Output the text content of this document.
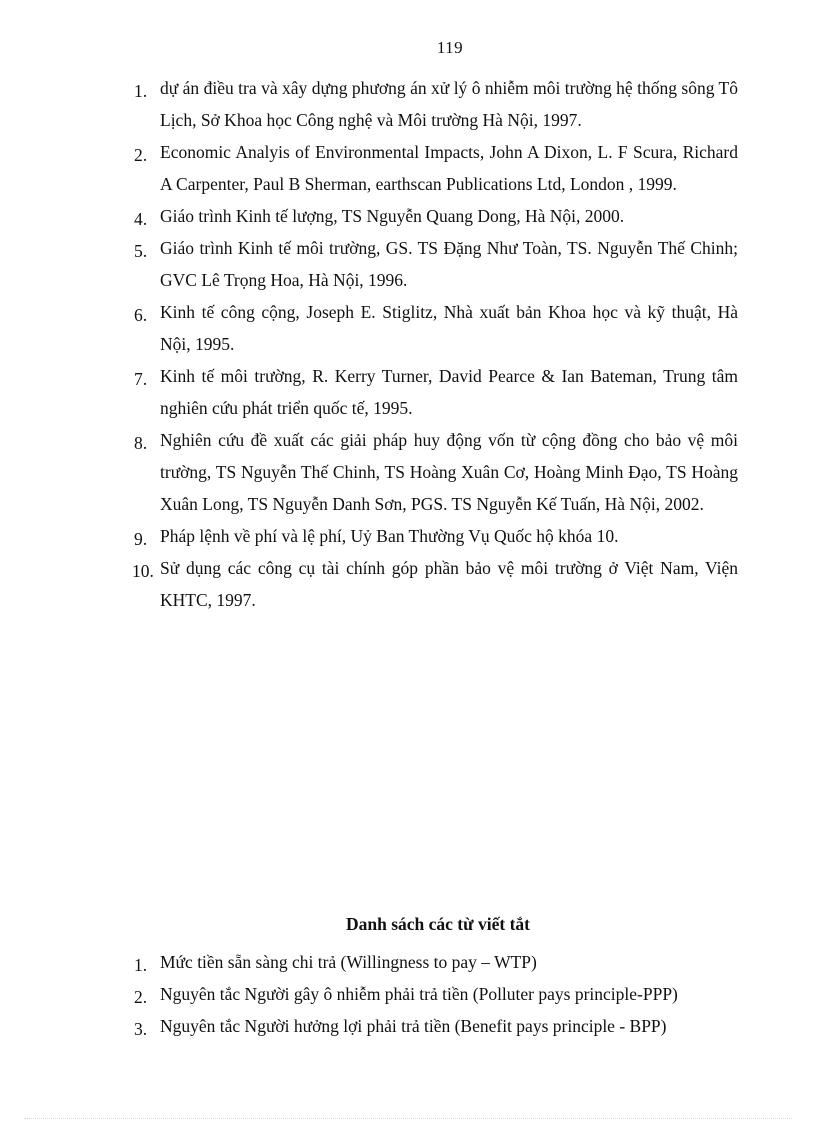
119
1. dự án điều tra và xây dựng phương án xử lý ô nhiễm môi trường hệ thống sông Tô Lịch, Sở Khoa học Công nghệ và Môi trường Hà Nội, 1997.
2. Economic Analyis of Environmental Impacts, John A Dixon, L. F Scura, Richard A Carpenter, Paul B Sherman, earthscan Publications Ltd, London , 1999.
4. Giáo trình Kinh tế lượng, TS Nguyễn Quang Dong, Hà Nội, 2000.
5. Giáo trình Kinh tế môi trường, GS. TS Đặng Như Toàn, TS. Nguyễn Thế Chinh; GVC Lê Trọng Hoa, Hà Nội, 1996.
6. Kinh tế công cộng, Joseph E. Stiglitz, Nhà xuất bản Khoa học và kỹ thuật, Hà Nội, 1995.
7. Kinh tế môi trường, R. Kerry Turner, David Pearce & Ian Bateman, Trung tâm nghiên cứu phát triển quốc tế, 1995.
8. Nghiên cứu đề xuất các giải pháp huy động vốn từ cộng đồng cho bảo vệ môi trường, TS Nguyễn Thế Chinh, TS Hoàng Xuân Cơ, Hoàng Minh Đạo, TS Hoàng Xuân Long, TS Nguyễn Danh Sơn, PGS. TS Nguyễn Kế Tuấn, Hà Nội, 2002.
9. Pháp lệnh về phí và lệ phí, Uỷ Ban Thường Vụ Quốc hộ khóa 10.
10. Sử dụng các công cụ tài chính góp phần bảo vệ môi trường ở Việt Nam, Viện KHTC, 1997.
Danh sách các từ viết tắt
1. Mức tiền sẵn sàng chi trả (Willingness to pay – WTP)
2. Nguyên tắc Người gây ô nhiễm phải trả tiền (Polluter pays principle-PPP)
3. Nguyên tắc Người hưởng lợi phải trả tiền (Benefit pays principle - BPP)
